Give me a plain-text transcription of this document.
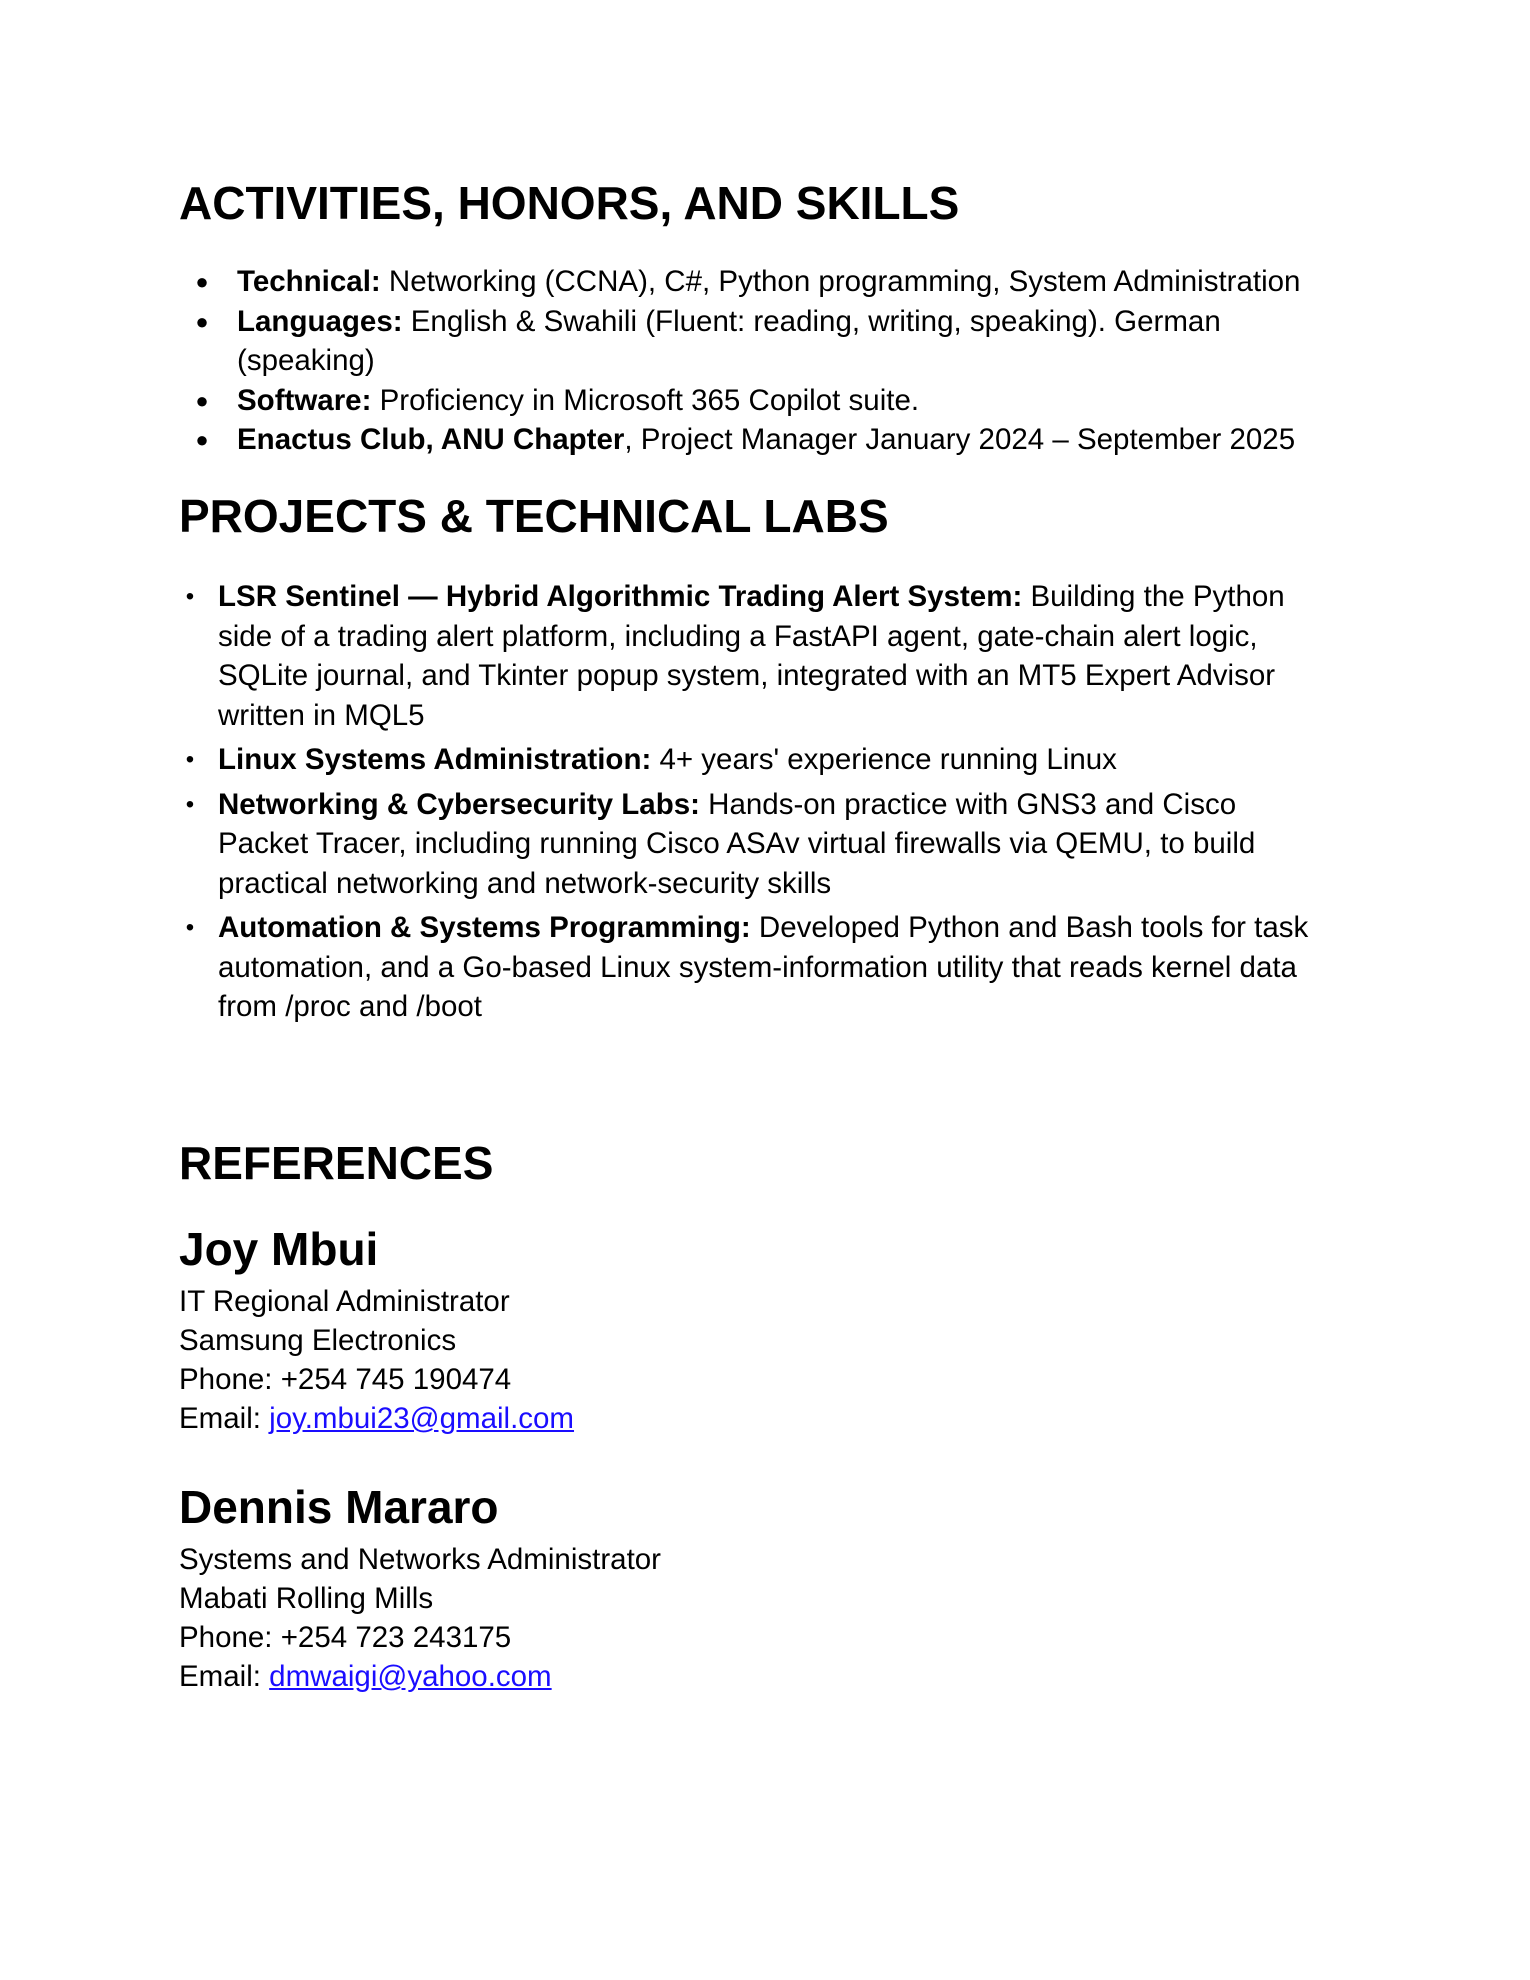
ACTIVITIES, HONORS, AND SKILLS
● Technical: Networking (CCNA), C#, Python programming, System Administration
● Languages: English & Swahili (Fluent: reading, writing, speaking). German (speaking)
● Software: Proficiency in Microsoft 365 Copilot suite.
● Enactus Club, ANU Chapter, Project Manager January 2024 – September 2025
PROJECTS & TECHNICAL LABS
• LSR Sentinel — Hybrid Algorithmic Trading Alert System: Building the Python side of a trading alert platform, including a FastAPI agent, gate-chain alert logic, SQLite journal, and Tkinter popup system, integrated with an MT5 Expert Advisor written in MQL5
• Linux Systems Administration: 4+ years' experience running Linux
• Networking & Cybersecurity Labs: Hands-on practice with GNS3 and Cisco Packet Tracer, including running Cisco ASAv virtual firewalls via QEMU, to build practical networking and network-security skills
• Automation & Systems Programming: Developed Python and Bash tools for task automation, and a Go-based Linux system-information utility that reads kernel data from /proc and /boot
REFERENCES
Joy Mbui
IT Regional Administrator
Samsung Electronics
Phone: +254 745 190474
Email: joy.mbui23@gmail.com
Dennis Mararo
Systems and Networks Administrator
Mabati Rolling Mills
Phone: +254 723 243175
Email: dmwaigi@yahoo.com
